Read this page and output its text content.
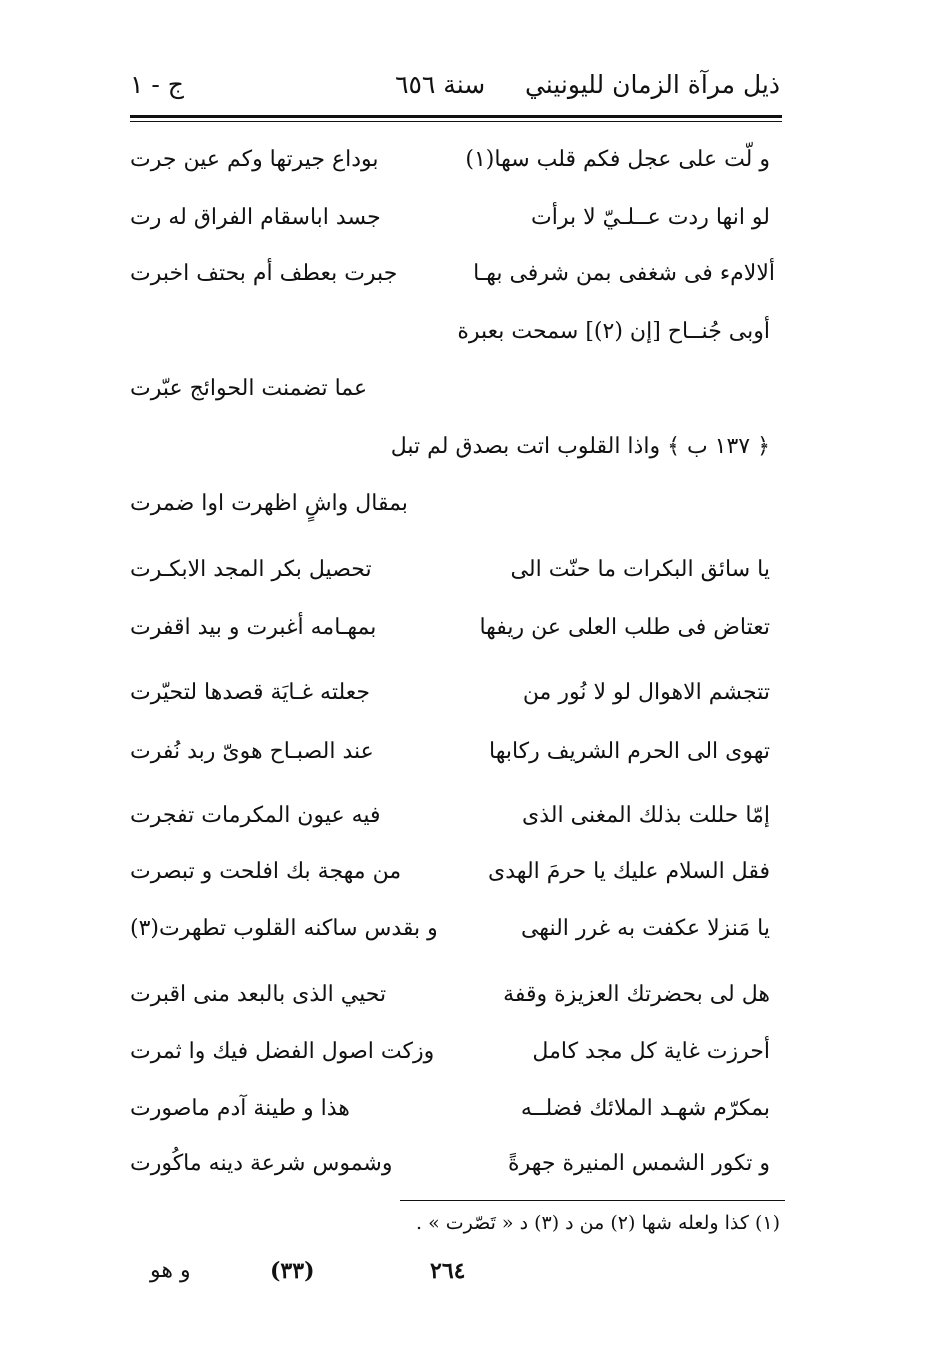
ذيل مرآة الزمان لليونيني     سنة ٦٥٦
ج - ١
و لّت على عجل فكم قلب سها(١)
بوداع جيرتها وكم عين جرت
لو انها ردت عــلـيّ لا برأت
جسد اباسقام الفراق له رت
ألالامء فى شغفى بمن شرفى بهـا
جبرت بعطف أم بحتف اخبرت
أوبى جُنــاح [إن (٢)] سمحت بعبرة
عما تضمنت الحوائج عبّرت
﴿ ١٣٧ ب ﴾ واذا القلوب اتت بصدق لم تبل
بمقال واشٍ اظهرت اوا ضمرت
يا سائق البكرات ما حنّت الى
تحصيل بكر المجد الابكـرت
تعتاض فى طلب العلى عن ريفها
بمهـامه أغبرت و بيد اقفرت
تتجشم الاهوال لو لا نُور من
جعلته غـايَة قصدها لتحيّرت
تهوى الى الحرم الشريف ركابها
عند الصبـاح هوىّ ربد نُفرت
إمّا حللت بذلك المغنى الذى
فيه عيون المكرمات تفجرت
فقل السلام عليك يا حرمَ الهدى
من مهجة بك افلحت و تبصرت
يا مَنزلا عكفت به غرر النهى
و بقدس ساكنه القلوب تطهرت(٣)
هل لى بحضرتك العزيزة وقفة
تحيي الذى بالبعد منى اقبرت
أحرزت غاية كل مجد كامل
وزكت اصول الفضل فيك وا ثمرت
بمكرّم شهـد الملائك فضلــه
هذا و طينة آدم ماصورت
و تكور الشمس المنيرة جهرةً
وشموس شرعة دينه ماكُورت
(١) كذا ولعله شها (٢) من د (٣) د « تَصّرت » .
و هو	(٣٣)	٢٦٤
